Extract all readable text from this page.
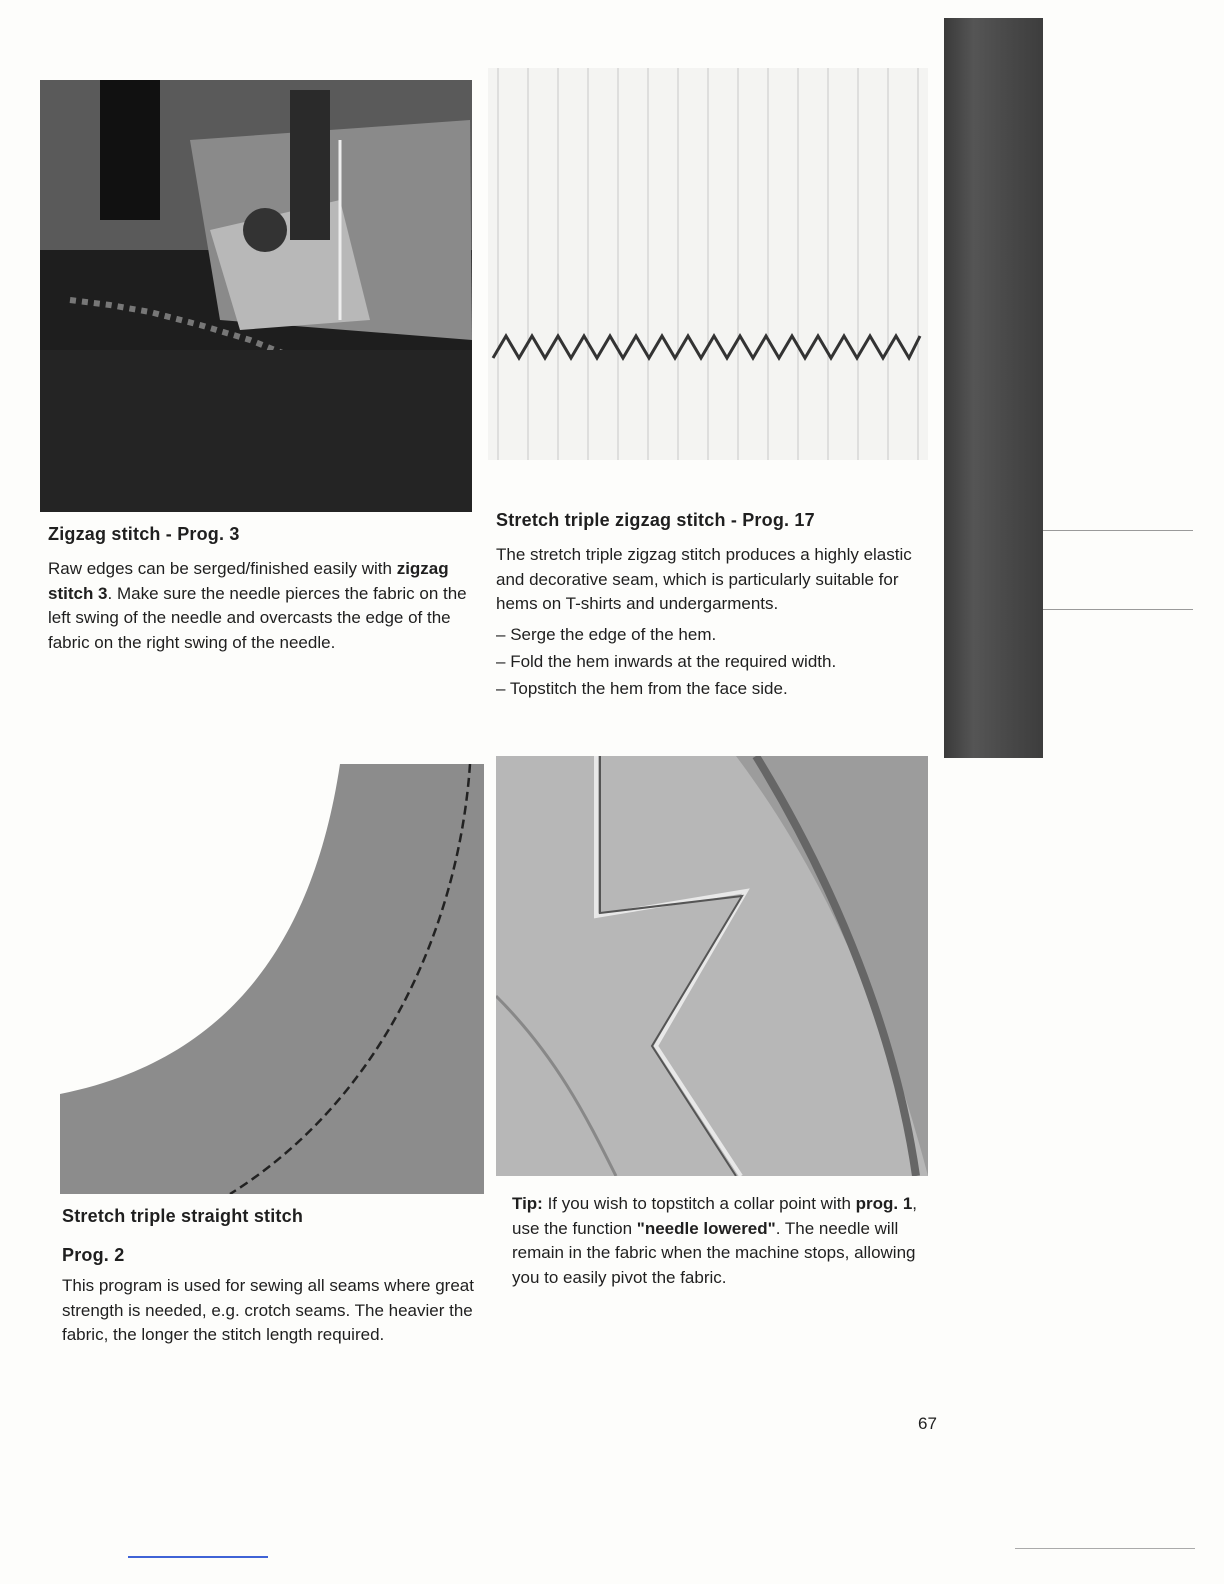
Zigzag stitch - Prog. 3

Raw edges can be serged/finished easily with zigzag stitch 3. Make sure the needle pierces the fabric on the left swing of the needle and overcasts the edge of the fabric on the right swing of the needle.

Stretch triple zigzag stitch - Prog. 17

The stretch triple zigzag stitch produces a highly elastic and decorative seam, which is particularly suitable for hems on T-shirts and undergarments.

– Serge the edge of the hem.
– Fold the hem inwards at the required width.
– Topstitch the hem from the face side.
Stretch triple straight stitch
Prog. 2

This program is used for sewing all seams where great strength is needed, e.g. crotch seams. The heavier the fabric, the longer the stitch length required.

Tip: If you wish to topstitch a collar point with prog. 1, use the function "needle lowered". The needle will remain in the fabric when the machine stops, allowing you to easily pivot the fabric.

67
